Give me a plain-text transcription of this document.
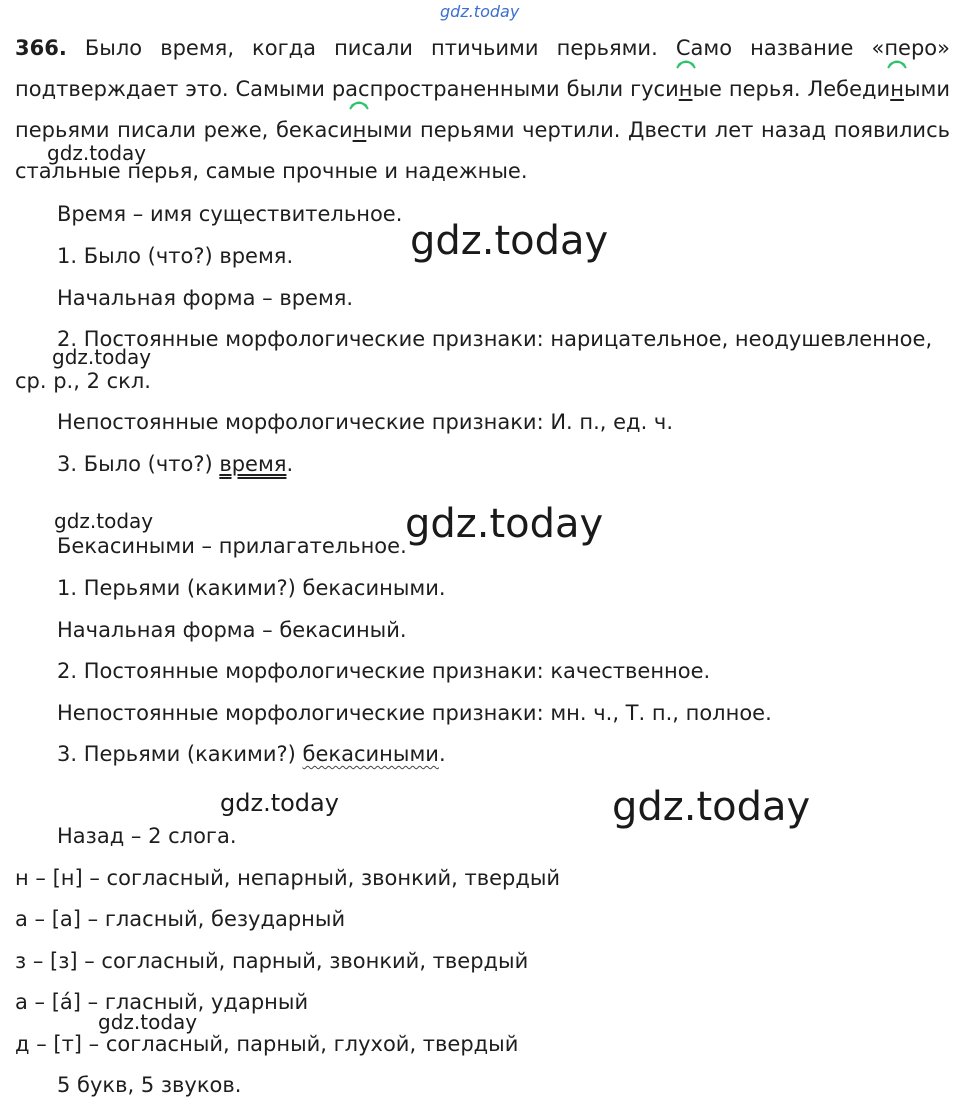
gdz.today
gdz.today
gdz.today
gdz.today
gdz.today	gdz.today
gdz.today	gdz.today
gdz.today
366. Было время, когда писали птичьими перьями. Само название «перо» подтверждает это. Самыми распространенными были гуси
ные перья. Лебеди
ными перьями писали реже, бекаси
ными перьями чертили. Двести лет назад появились стальные перья, самые прочные и надежные.
Время – имя существительное.
1. Было (что?) время.
Начальная форма – время.
2. Постоянные морфологические признаки: нарицательное, неодушевленное,
ср. р., 2 скл.
Непостоянные морфологические признаки: И. п., ед. ч.
3. Было (что?) время.
Бекасиными – прилагательное.
1. Перьями (какими?) бекасиными.
Начальная форма – бекасиный.
2. Постоянные морфологические признаки: качественное.
Непостоянные морфологические признаки: мн. ч., Т. п., полное.
3. Перьями (какими?) бекасиными.
Назад – 2 слога.
н – [н] – согласный, непарный, звонкий, твердый
а – [а] – гласный, безударный
з – [з] – согласный, парный, звонкий, твердый
а – [á] – гласный, ударный
д – [т] – согласный, парный, глухой, твердый
5 букв, 5 звуков.
